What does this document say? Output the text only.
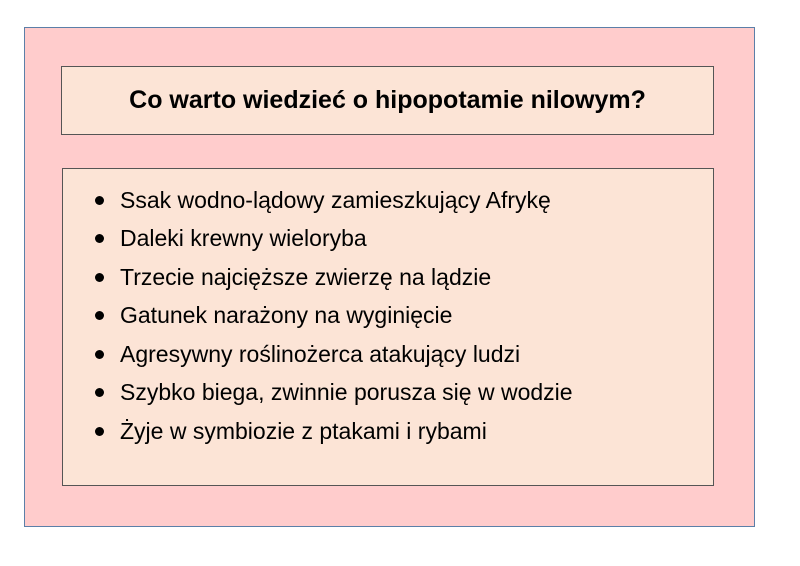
Co warto wiedzieć o hipopotamie nilowym?
Ssak wodno-lądowy zamieszkujący Afrykę
Daleki krewny wieloryba
Trzecie najcięższe zwierzę na lądzie
Gatunek narażony na wyginięcie
Agresywny roślinożerca atakujący ludzi
Szybko biega, zwinnie porusza się w wodzie
Żyje w symbiozie z ptakami i rybami
